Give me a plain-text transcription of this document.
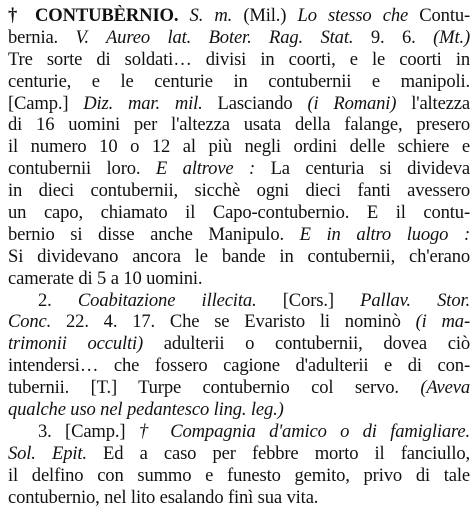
† CONTUBÈRNIO. S. m. (Mil.) Lo stesso che Contu-
bernia. V. Aureo lat. Boter. Rag. Stat. 9. 6. (Mt.)
Tre sorte di soldati… divisi in coorti, e le coorti in
centurie, e le centurie in contubernii e manipoli.
[Camp.] Diz. mar. mil. Lasciando (i Romani) l'altezza
di 16 uomini per l'altezza usata della falange, presero
il numero 10 o 12 al più negli ordini delle schiere e
contubernii loro. E altrove : La centuria si divideva
in dieci contubernii, sicchè ogni dieci fanti avessero
un capo, chiamato il Capo-contubernio. E il contu-
bernio si disse anche Manipulo. E in altro luogo :
Si dividevano ancora le bande in contubernii, ch'erano
camerate di 5 a 10 uomini.
2. Coabitazione illecita. [Cors.] Pallav. Stor.
Conc. 22. 4. 17. Che se Evaristo li nominò (i ma-
trimonii occulti) adulterii o contubernii, dovea ciò
intendersi… che fossero cagione d'adulterii e di con-
tubernii. [T.] Turpe contubernio col servo. (Aveva
qualche uso nel pedantesco ling. leg.)
3. [Camp.] † Compagnia d'amico o di famigliare.
Sol. Epit. Ed a caso per febbre morto il fanciullo,
il delfino con summo e funesto gemito, privo di tale
contubernio, nel lito esalando finì sua vita.
